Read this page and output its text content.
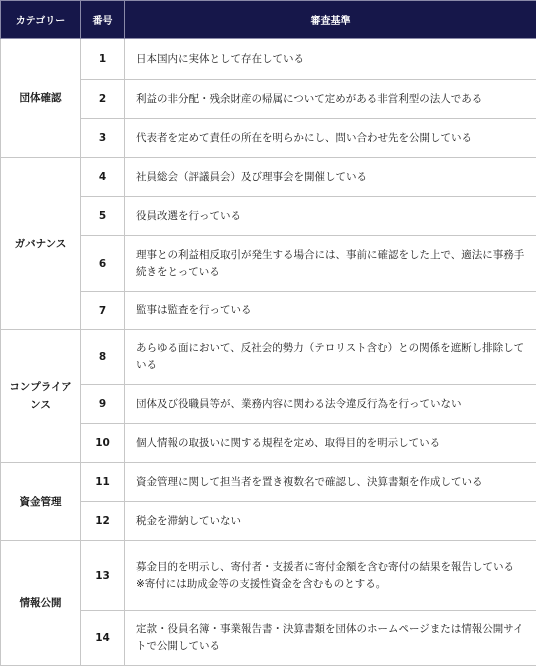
カテゴリー	番号	審査基準
団体確認	1	日本国内に実体として存在している
	2	利益の非分配・残余財産の帰属について定めがある非営利型の法人である
	3	代表者を定めて責任の所在を明らかにし、問い合わせ先を公開している
ガバナンス	4	社員総会（評議員会）及び理事会を開催している
	5	役員改選を行っている
	6	理事との利益相反取引が発生する場合には、事前に確認をした上で、適法に事務手続きをとっている
	7	監事は監査を行っている
コンプライアンス	8	あらゆる面において、反社会的勢力（テロリスト含む）との関係を遮断し排除している
	9	団体及び役職員等が、業務内容に関わる法令違反行為を行っていない
	10	個人情報の取扱いに関する規程を定め、取得目的を明示している
資金管理	11	資金管理に関して担当者を置き複数名で確認し、決算書類を作成している
	12	税金を滞納していない
情報公開	13	募金目的を明示し、寄付者・支援者に寄付金額を含む寄付の結果を報告している
※寄付には助成金等の支援性資金を含むものとする。
	14	定款・役員名簿・事業報告書・決算書類を団体のホームページまたは情報公開サイトで公開している
